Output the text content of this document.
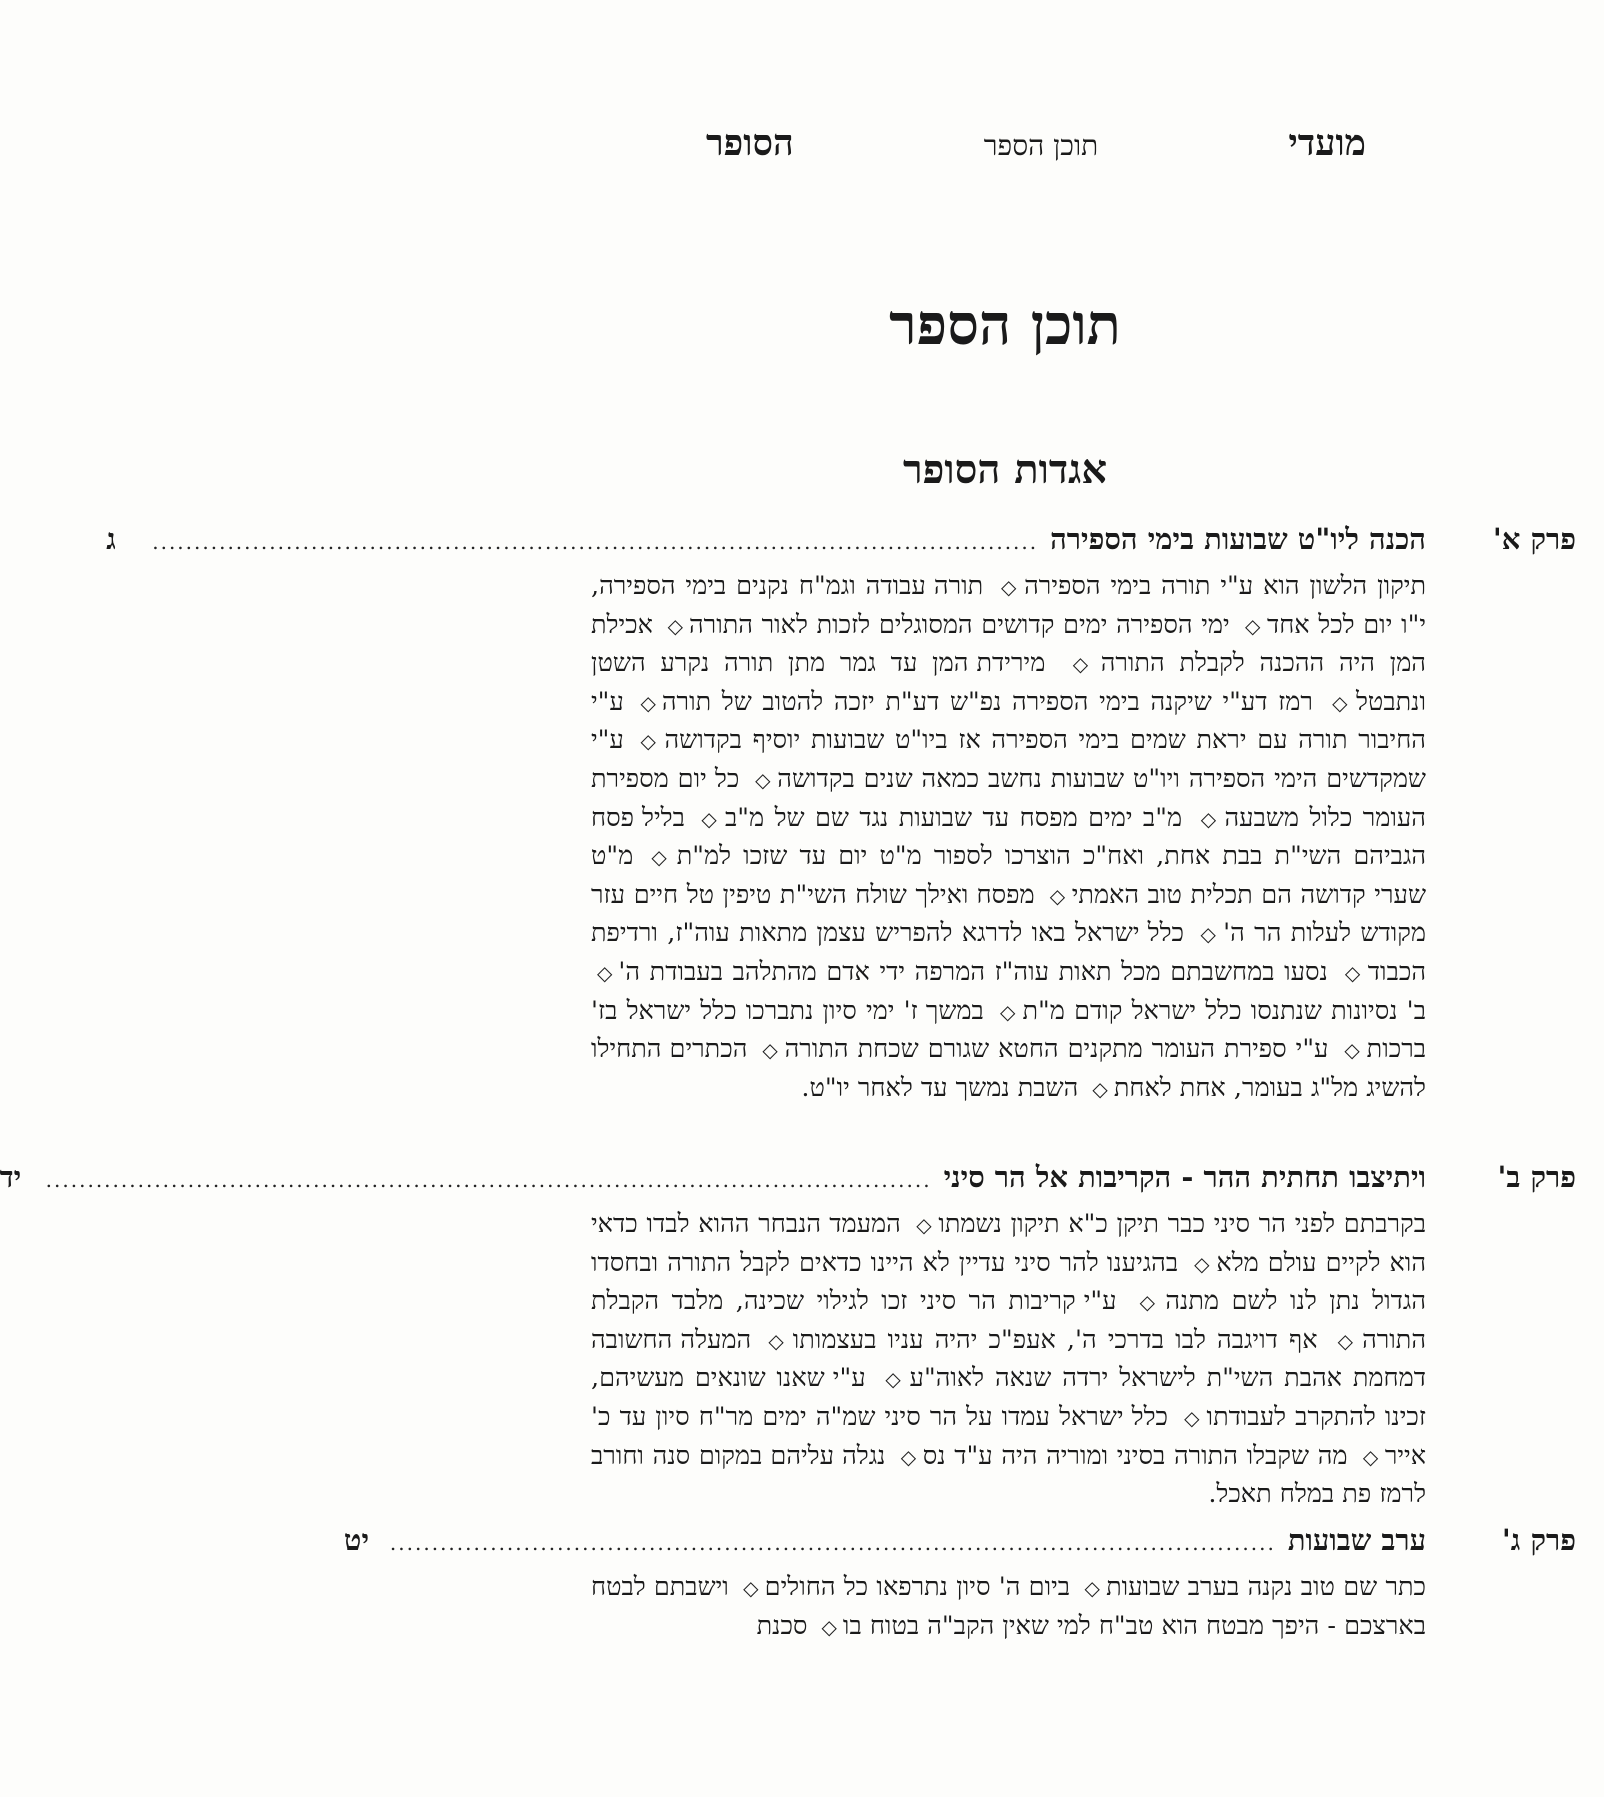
מועדי
תוכן הספר
הסופר
תוכן הספר
אגדות הסופר
פרק א'
הכנה ליו"ט שבועות בימי הספירה
..........................................................................................................
ג
תיקון הלשון הוא ע"י תורה בימי הספירה◇ תורה עבודה וגמ"ח נקנים בימי הספירה, י"ו יום לכל אחד◇ ימי הספירה ימים קדושים המסוגלים לזכות לאור התורה◇ אכילת המן היה ההכנה לקבלת התורה◇ מירידת המן עד גמר מתן תורה נקרע השטן ונתבטל◇ רמז דע"י שיקנה בימי הספירה נפ"ש דע"ת יזכה להטוב של תורה◇ ע"י החיבור תורה עם יראת שמים בימי הספירה אז ביו"ט שבועות יוסיף בקדושה◇ ע"י שמקדשים הימי הספירה ויו"ט שבועות נחשב כמאה שנים בקדושה◇ כל יום מספירת העומר כלול משבעה◇ מ"ב ימים מפסח עד שבועות נגד שם של מ"ב◇ בליל פסח הגביהם השי"ת בבת אחת, ואח"כ הוצרכו לספור מ"ט יום עד שזכו למ"ת◇ מ"ט שערי קדושה הם תכלית טוב האמתי◇ מפסח ואילך שולח השי"ת טיפין טל חיים עזר מקודש לעלות הר ה'◇ כלל ישראל באו לדרגא להפריש עצמן מתאות עוה"ז, ורדיפת הכבוד◇ נסעו במחשבתם מכל תאות עוה"ז המרפה ידי אדם מהתלהב בעבודת ה'◇ ב' נסיונות שנתנסו כלל ישראל קודם מ"ת◇ במשך ז' ימי סיון נתברכו כלל ישראל בז' ברכות◇ ע"י ספירת העומר מתקנים החטא שגורם שכחת התורה◇ הכתרים התחילו להשיג מל"ג בעומר, אחת לאחת◇ השבת נמשך עד לאחר יו"ט.
פרק ב'
ויתיצבו תחתית ההר - הקריבות אל הר סיני
..........................................................................................................
יד
בקרבתם לפני הר סיני כבר תיקן כ"א תיקון נשמתו◇ המעמד הנבחר ההוא לבדו כדאי הוא לקיים עולם מלא◇ בהגיענו להר סיני עדיין לא היינו כדאים לקבל התורה ובחסדו הגדול נתן לנו לשם מתנה◇ ע"י קריבות הר סיני זכו לגילוי שכינה, מלבד הקבלת התורה◇ אף דויגבה לבו בדרכי ה', אעפ"כ יהיה עניו בעצמותו◇ המעלה החשובה דמחמת אהבת השי"ת לישראל ירדה שנאה לאוה"ע◇ ע"י שאנו שונאים מעשיהם, זכינו להתקרב לעבודתו◇ כלל ישראל עמדו על הר סיני שמ"ה ימים מר"ח סיון עד כ' אייר◇ מה שקבלו התורה בסיני ומוריה היה ע"ד נס◇ נגלה עליהם במקום סנה וחורב לרמז פת במלח תאכל.
פרק ג'
ערב שבועות
..........................................................................................................
יט
כתר שם טוב נקנה בערב שבועות◇ ביום ה' סיון נתרפאו כל החולים◇ וישבתם לבטח בארצכם - היפך מבטח הוא טב"ח למי שאין הקב"ה בטוח בו◇ סכנת
